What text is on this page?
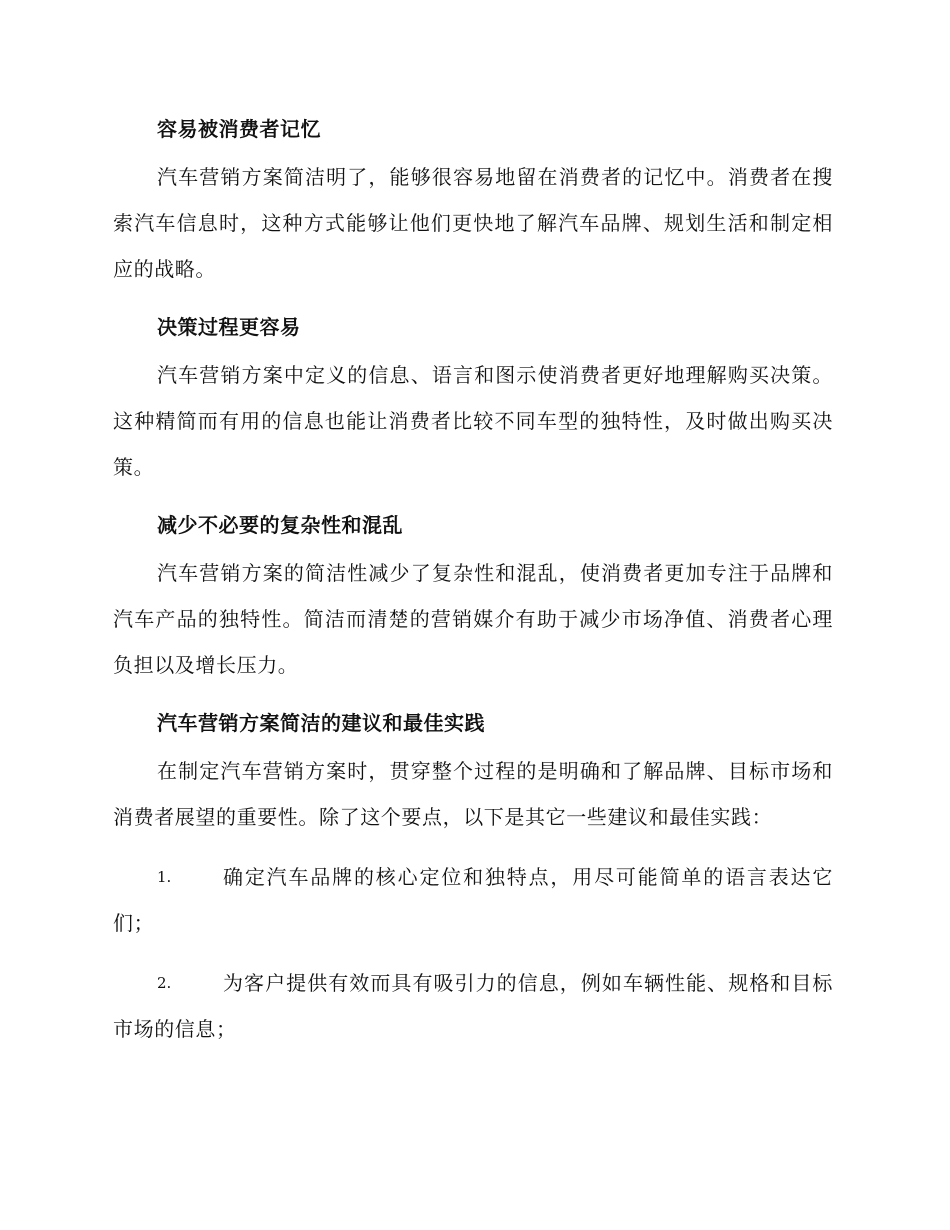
容易被消费者记忆

汽车营销方案简洁明了，能够很容易地留在消费者的记忆中。消费者在搜索汽车信息时，这种方式能够让他们更快地了解汽车品牌、规划生活和制定相应的战略。

决策过程更容易

汽车营销方案中定义的信息、语言和图示使消费者更好地理解购买决策。这种精简而有用的信息也能让消费者比较不同车型的独特性，及时做出购买决策。

减少不必要的复杂性和混乱

汽车营销方案的简洁性减少了复杂性和混乱，使消费者更加专注于品牌和汽车产品的独特性。简洁而清楚的营销媒介有助于减少市场净值、消费者心理负担以及增长压力。

汽车营销方案简洁的建议和最佳实践

在制定汽车营销方案时，贯穿整个过程的是明确和了解品牌、目标市场和消费者展望的重要性。除了这个要点，以下是其它一些建议和最佳实践：

1.	确定汽车品牌的核心定位和独特点，用尽可能简单的语言表达它们；
2.	为客户提供有效而具有吸引力的信息，例如车辆性能、规格和目标市场的信息；
